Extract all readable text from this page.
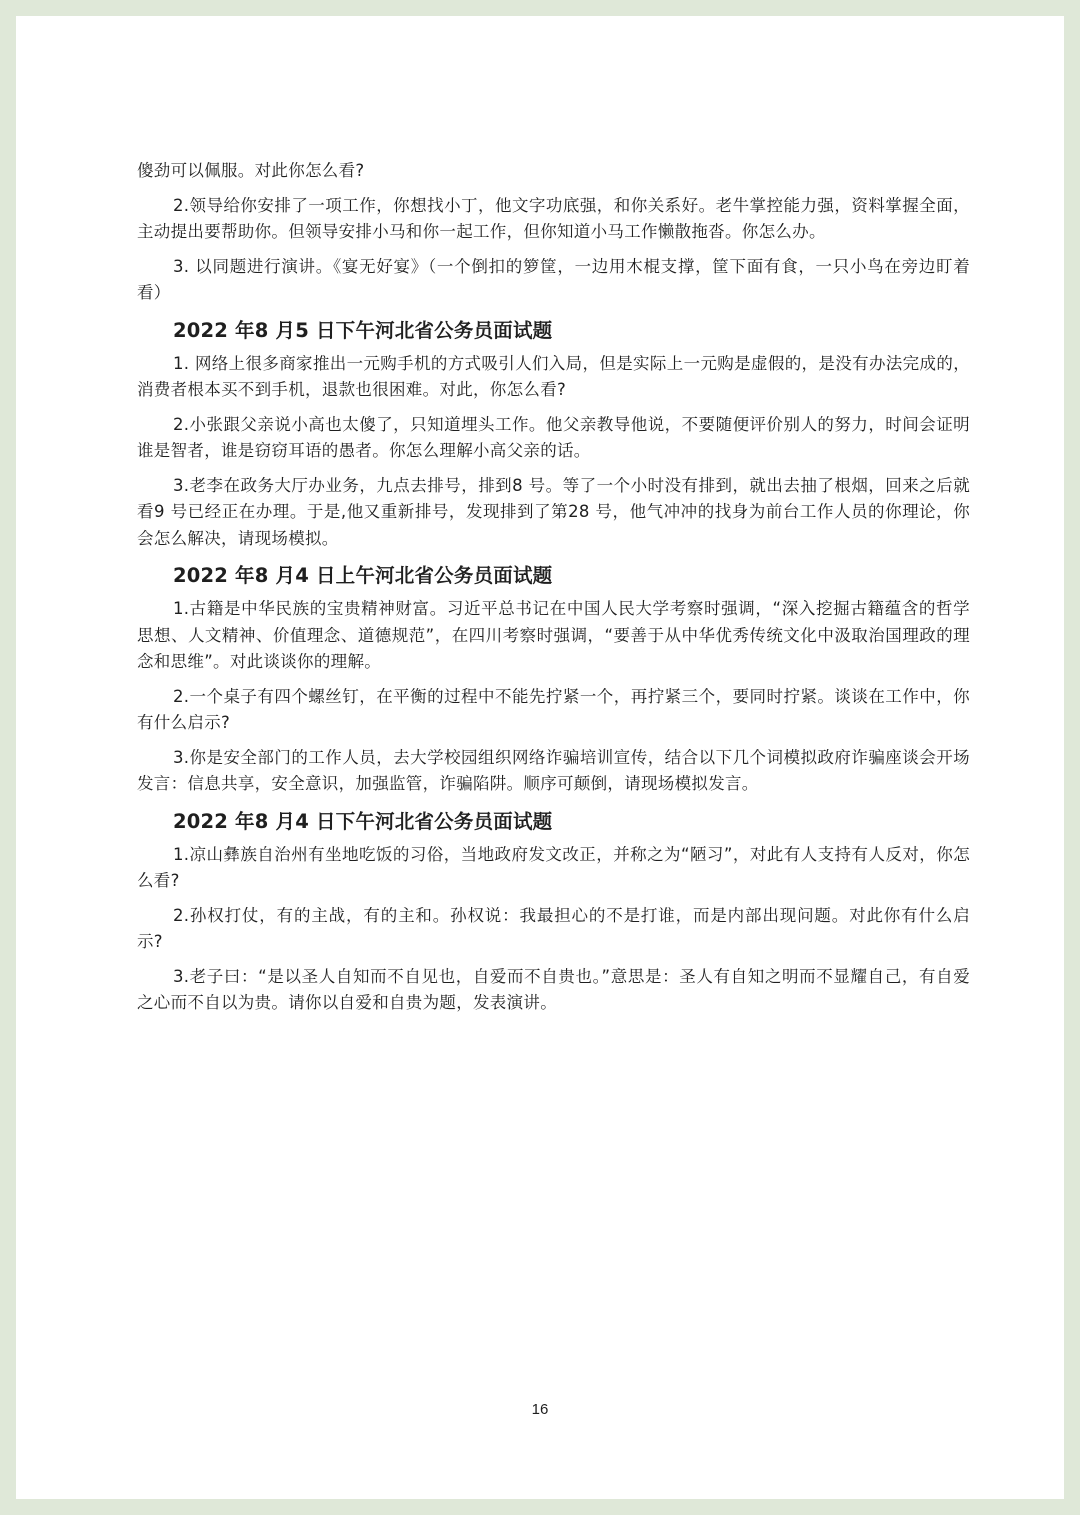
傻劲可以佩服。对此你怎么看?

2.领导给你安排了一项工作，你想找小丁，他文字功底强，和你关系好。老牛掌控能力强，资料掌握全面，主动提出要帮助你。但领导安排小马和你一起工作，但你知道小马工作懒散拖沓。你怎么办。

3. 以同题进行演讲。《宴无好宴》（一个倒扣的箩筐，一边用木棍支撑，筐下面有食，一只小鸟在旁边盯着看）

2022 年8 月5 日下午河北省公务员面试题

1. 网络上很多商家推出一元购手机的方式吸引人们入局，但是实际上一元购是虚假的，是没有办法完成的，消费者根本买不到手机，退款也很困难。对此，你怎么看?

2.小张跟父亲说小高也太傻了，只知道埋头工作。他父亲教导他说，不要随便评价别人的努力，时间会证明谁是智者，谁是窃窃耳语的愚者。你怎么理解小高父亲的话。

3.老李在政务大厅办业务，九点去排号，排到8 号。等了一个小时没有排到，就出去抽了根烟，回来之后就看9 号已经正在办理。于是,他又重新排号，发现排到了第28 号，他气冲冲的找身为前台工作人员的你理论，你会怎么解决，请现场模拟。

2022 年8 月4 日上午河北省公务员面试题

1.古籍是中华民族的宝贵精神财富。习近平总书记在中国人民大学考察时强调，“深入挖掘古籍蕴含的哲学思想、人文精神、价值理念、道德规范”，在四川考察时强调，“要善于从中华优秀传统文化中汲取治国理政的理念和思维”。对此谈谈你的理解。

2.一个桌子有四个螺丝钉，在平衡的过程中不能先拧紧一个，再拧紧三个，要同时拧紧。谈谈在工作中，你有什么启示?

3.你是安全部门的工作人员，去大学校园组织网络诈骗培训宣传，结合以下几个词模拟政府诈骗座谈会开场发言：信息共享，安全意识，加强监管，诈骗陷阱。顺序可颠倒，请现场模拟发言。

2022 年8 月4 日下午河北省公务员面试题

1.凉山彝族自治州有坐地吃饭的习俗，当地政府发文改正，并称之为“陋习”，对此有人支持有人反对，你怎么看?

2.孙权打仗，有的主战，有的主和。孙权说：我最担心的不是打谁，而是内部出现问题。对此你有什么启示?

3.老子曰：“是以圣人自知而不自见也，自爱而不自贵也。”意思是：圣人有自知之明而不显耀自己，有自爱之心而不自以为贵。请你以自爱和自贵为题，发表演讲。

16
